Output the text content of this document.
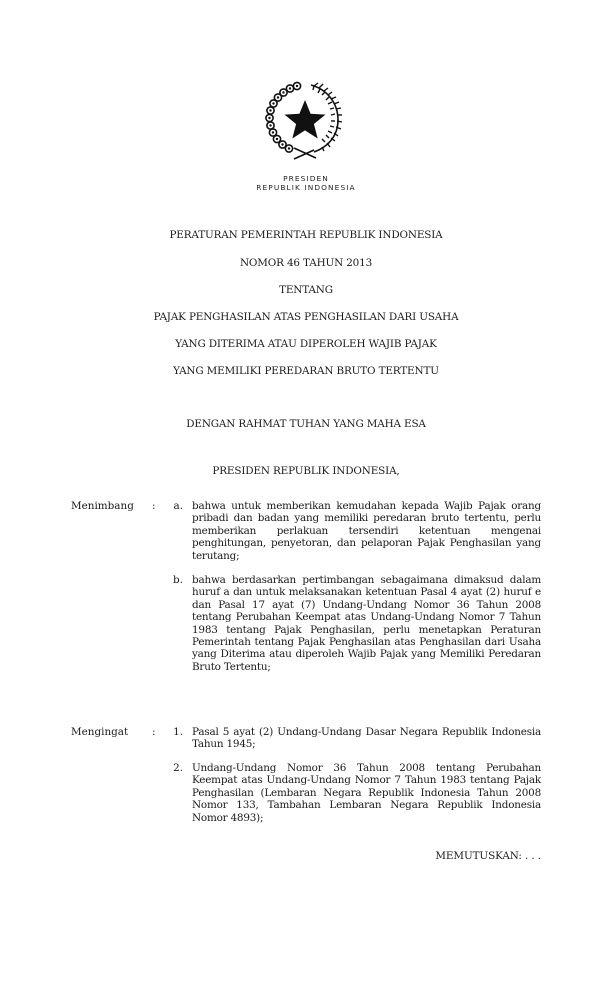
PRESIDEN
REPUBLIK INDONESIA
PERATURAN PEMERINTAH REPUBLIK INDONESIA
NOMOR 46 TAHUN 2013
TENTANG
PAJAK PENGHASILAN ATAS PENGHASILAN DARI USAHA
YANG DITERIMA ATAU DIPEROLEH WAJIB PAJAK
YANG MEMILIKI PEREDARAN BRUTO TERTENTU
DENGAN RAHMAT TUHAN YANG MAHA ESA
PRESIDEN REPUBLIK INDONESIA,
Menimbang :	a. bahwa untuk memberikan kemudahan kepada Wajib Pajak orang pribadi dan badan yang memiliki peredaran bruto tertentu, perlu memberikan perlakuan tersendiri ketentuan mengenai penghitungan, penyetoran, dan pelaporan Pajak Penghasilan yang terutang;
b. bahwa berdasarkan pertimbangan sebagaimana dimaksud dalam huruf a dan untuk melaksanakan ketentuan Pasal 4 ayat (2) huruf e dan Pasal 17 ayat (7) Undang-Undang Nomor 36 Tahun 2008 tentang Perubahan Keempat atas Undang-Undang Nomor 7 Tahun 1983 tentang Pajak Penghasilan, perlu menetapkan Peraturan Pemerintah tentang Pajak Penghasilan atas Penghasilan dari Usaha yang Diterima atau diperoleh Wajib Pajak yang Memiliki Peredaran Bruto Tertentu;
Mengingat :	1. Pasal 5 ayat (2) Undang-Undang Dasar Negara Republik Indonesia Tahun 1945;
2. Undang-Undang Nomor 36 Tahun 2008 tentang Perubahan Keempat atas Undang-Undang Nomor 7 Tahun 1983 tentang Pajak Penghasilan (Lembaran Negara Republik Indonesia Tahun 2008 Nomor 133, Tambahan Lembaran Negara Republik Indonesia Nomor 4893);
MEMUTUSKAN: . . .
